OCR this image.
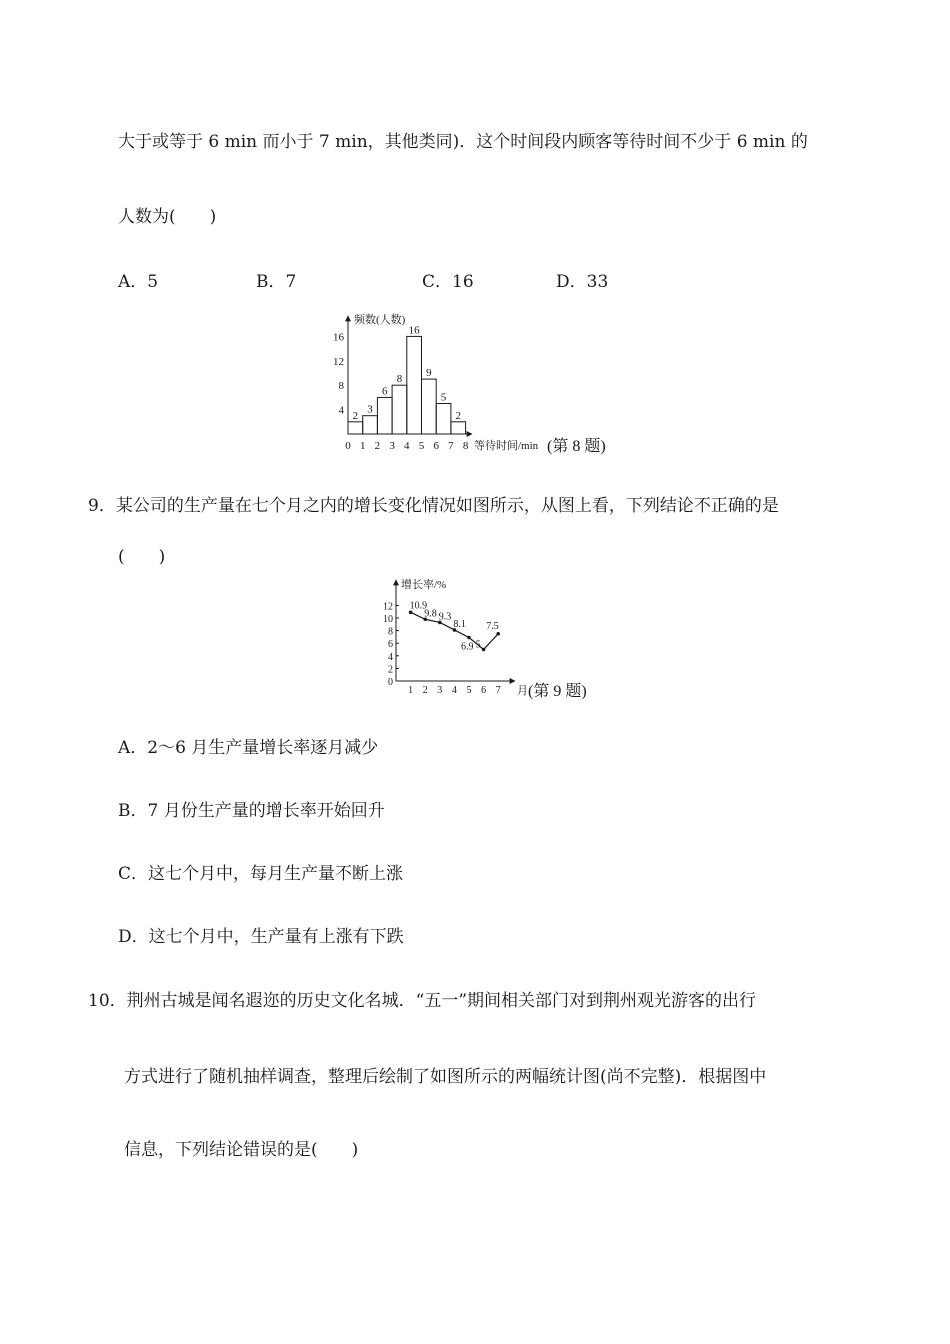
大于或等于 6 min 而小于 7 min，其他类同)．这个时间段内顾客等待时间不少于 6 min 的
人数为(　　)
A．5	B．7	C．16	D．33
频数(人数)
等待时间/min
2
3
6
8
16
9
5
2
0 1 2 3 4 5 6 7 8
4
8
12
16
(第 8 题)
9．某公司的生产量在七个月之内的增长变化情况如图所示，从图上看，下列结论不正确的是
(　　)
增长率/%
月
10.9
9.8 9.3
8.1
6.9 5
7.5
1 2 3 4 5 6 7
0
2
4
6
8
10
12
(第 9 题)
A．2～6 月生产量增长率逐月减少
B．7 月份生产量的增长率开始回升
C．这七个月中，每月生产量不断上涨
D．这七个月中，生产量有上涨有下跌
10．荆州古城是闻名遐迩的历史文化名城．“五一”期间相关部门对到荆州观光游客的出行
方式进行了随机抽样调查，整理后绘制了如图所示的两幅统计图(尚不完整)．根据图中
信息，下列结论错误的是(　　)
